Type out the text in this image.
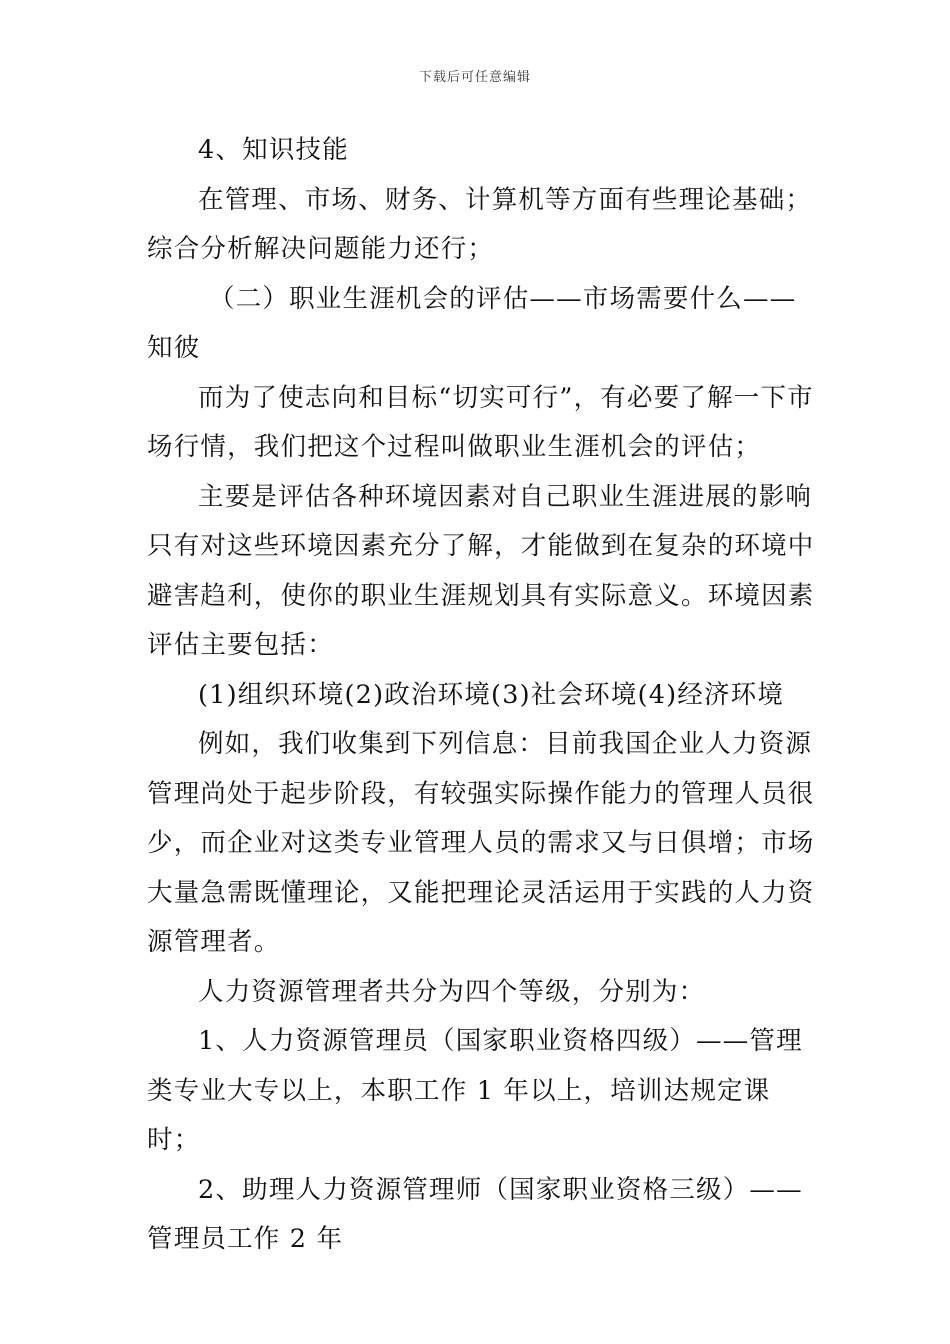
下载后可任意编辑

4、知识技能

在管理、市场、财务、计算机等方面有些理论基础；综合分析解决问题能力还行；

（二）职业生涯机会的评估——市场需要什么——知彼

而为了使志向和目标“切实可行”，有必要了解一下市场行情，我们把这个过程叫做职业生涯机会的评估；

主要是评估各种环境因素对自己职业生涯进展的影响只有对这些环境因素充分了解，才能做到在复杂的环境中避害趋利，使你的职业生涯规划具有实际意义。环境因素评估主要包括：

(1)组织环境(2)政治环境(3)社会环境(4)经济环境

例如，我们收集到下列信息：目前我国企业人力资源管理尚处于起步阶段，有较强实际操作能力的管理人员很少，而企业对这类专业管理人员的需求又与日俱增；市场大量急需既懂理论，又能把理论灵活运用于实践的人力资源管理者。

人力资源管理者共分为四个等级，分别为：

1、人力资源管理员（国家职业资格四级）——管理类专业大专以上，本职工作 1 年以上，培训达规定课时；

2、助理人力资源管理师（国家职业资格三级）——管理员工作 2 年
